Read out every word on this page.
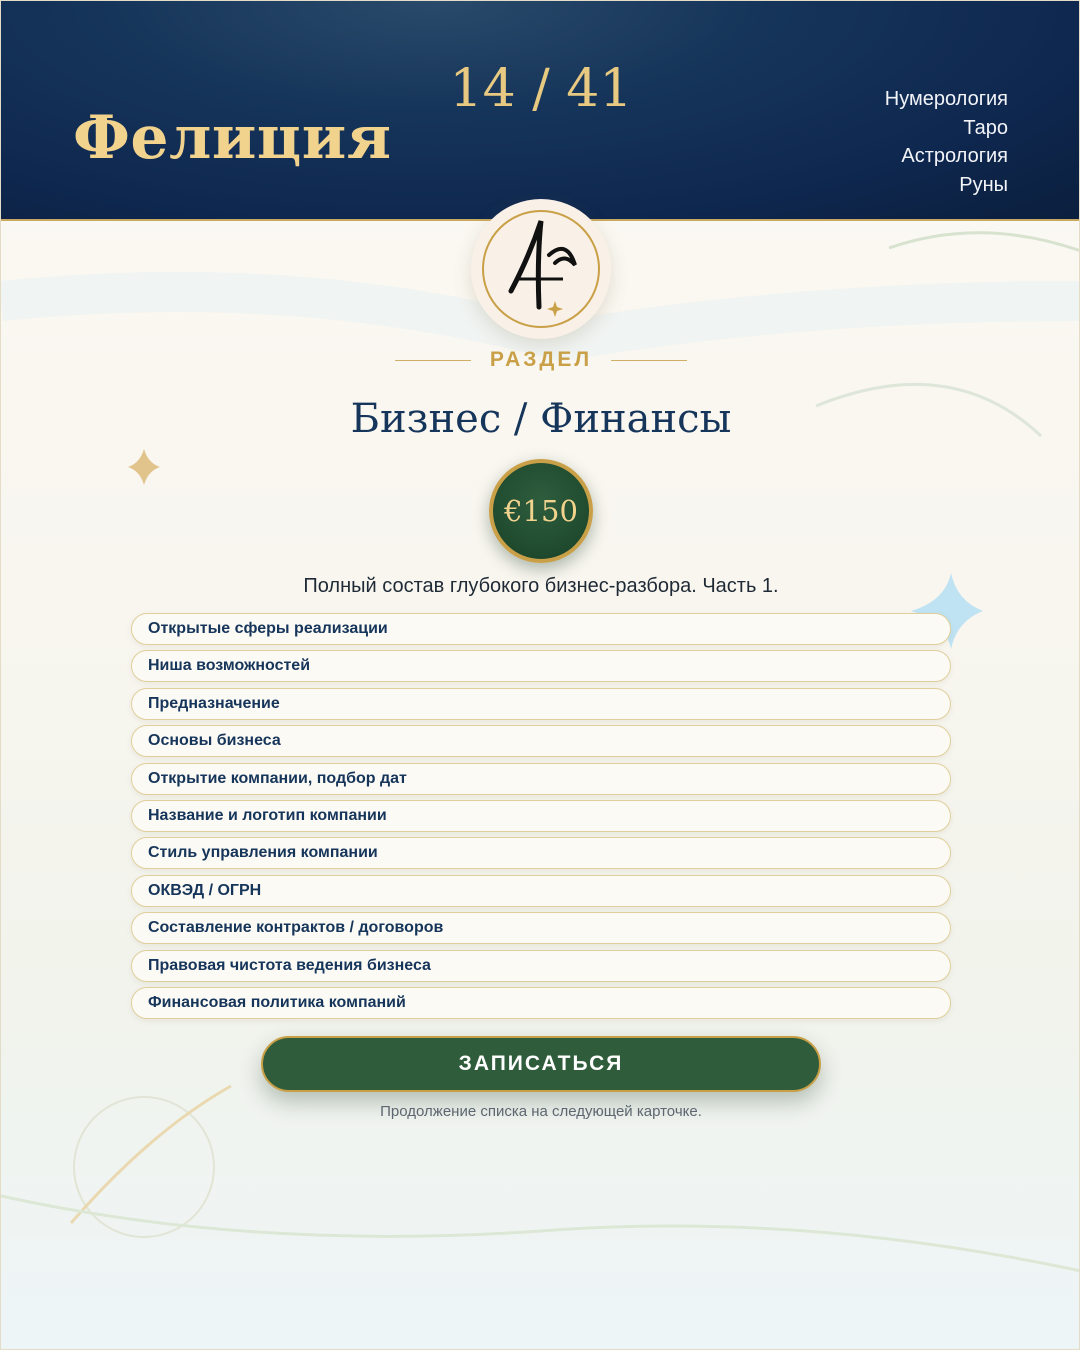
Фелиция
14 / 41	Нумерология
Таро
Астрология
Руны
РАЗДЕЛ
Бизнес / Финансы
€150
Полный состав глубокого бизнес-разбора. Часть 1.
Открытые сферы реализации
Ниша возможностей
Предназначение
Основы бизнеса
Открытие компании, подбор дат
Название и логотип компании
Стиль управления компании
ОКВЭД / ОГРН
Составление контрактов / договоров
Правовая чистота ведения бизнеса
Финансовая политика компаний
ЗАПИСАТЬСЯ
Продолжение списка на следующей карточке.
